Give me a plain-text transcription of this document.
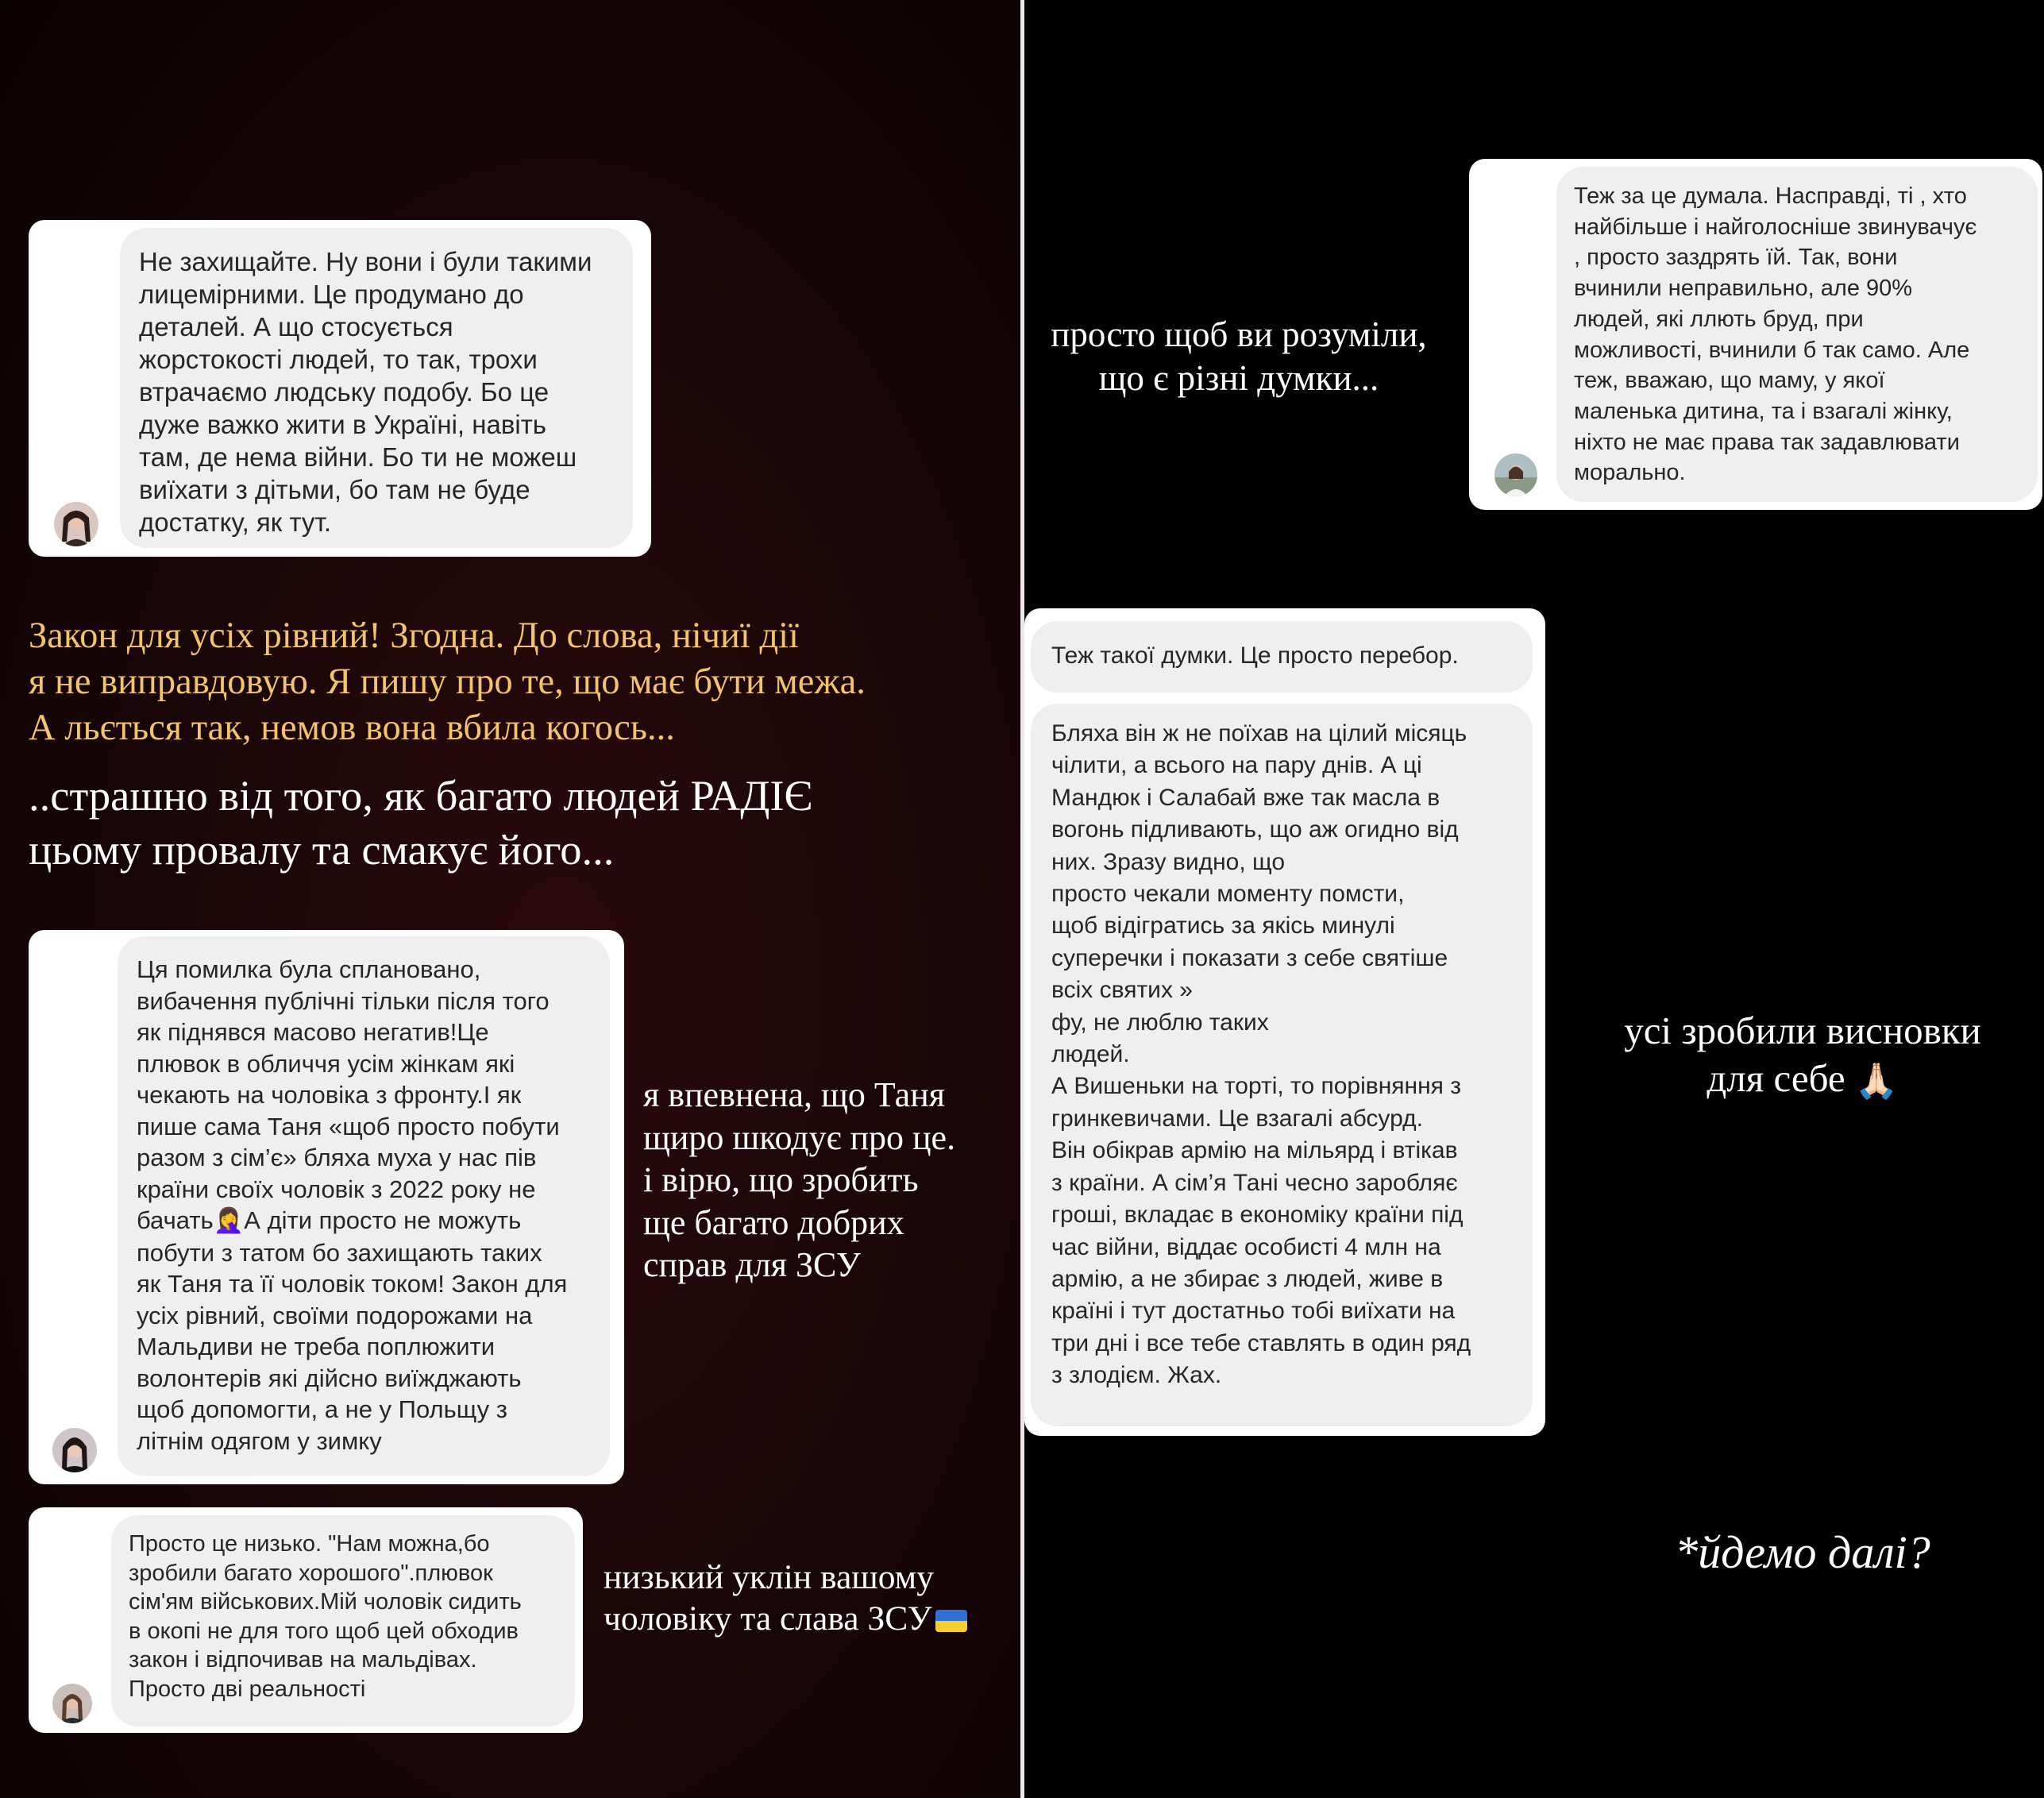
Не захищайте. Ну вони і були такими
лицемірними. Це продумано до
деталей. А що стосується
жорстокості людей, то так, трохи
втрачаємо людську подобу. Бо це
дуже важко жити в Україні, навіть
там, де нема війни. Бо ти не можеш
виїхати з дітьми, бо там не буде
достатку, як тут.
Закон для усіх рівний! Згодна. До слова, нічиї дії
я не виправдовую. Я пишу про те, що має бути межа.
А льється так, немов вона вбила когось...
..страшно від того, як багато людей РАДІЄ
цьому провалу та смакує його...
Ця помилка була сплановано,
вибачення публічні тільки після того
як піднявся масово негатив!Це
плювок в обличчя усім жінкам які
чекають на чоловіка з фронту.І як
пише сама Таня «щоб просто побути
разом з сім’є» бляха муха у нас пів
країни своїх чоловік з 2022 року не
бачать🤦‍♀️А діти просто не можуть
побути з татом бо захищають таких
як Таня та її чоловік током! Закон для
усіх рівний, своїми подорожами на
Мальдиви не треба поплюжити
волонтерів які дійсно виїжджають
щоб допомогти, а не у Польщу з
літнім одягом у зимку
я впевнена, що Таня
щиро шкодує про це.
і вірю, що зробить
ще багато добрих
справ для ЗСУ
Просто це низько. "Нам можна,бо
зробили багато хорошого".плювок
сім'ям військових.Мій чоловік сидить
в окопі не для того щоб цей обходив
закон і відпочивав на мальдівах.
Просто дві реальності
низький уклін вашому
чоловіку та слава ЗСУ
просто щоб ви розуміли,
що є різні думки...
усі зробили висновки
для себе 🙏🏻
*йдемо далі?
Теж за це думала. Насправді, ті , хто
найбільше і найголосніше звинувачує
, просто заздрять їй. Так, вони
вчинили неправильно, але 90%
людей, які ллють бруд, при
можливості, вчинили б так само. Але
теж, вважаю, що маму, у якої
маленька дитина, та і взагалі жінку,
ніхто не має права так задавлювати
морально.
Теж такої думки. Це просто перебор.
Бляха він ж не поїхав на цілий місяць
чілити, а всього на пару днів. А ці
Мандюк і Салабай вже так масла в
вогонь підливають, що аж огидно від
них. Зразу видно, що
просто чекали моменту помсти,
щоб відігратись за якісь минулі
суперечки і показати з себе святіше
всіх святих »
фу, не люблю таких
людей.
А Вишеньки на торті, то порівняння з
гринкевичами. Це взагалі абсурд.
Він обікрав армію на мільярд і втікав
з країни. А сім’я Тані чесно заробляє
гроші, вкладає в економіку країни під
час війни, віддає особисті 4 млн на
армію, а не збирає з людей, живе в
країні і тут достатньо тобі виїхати на
три дні і все тебе ставлять в один ряд
з злодієм. Жах.
